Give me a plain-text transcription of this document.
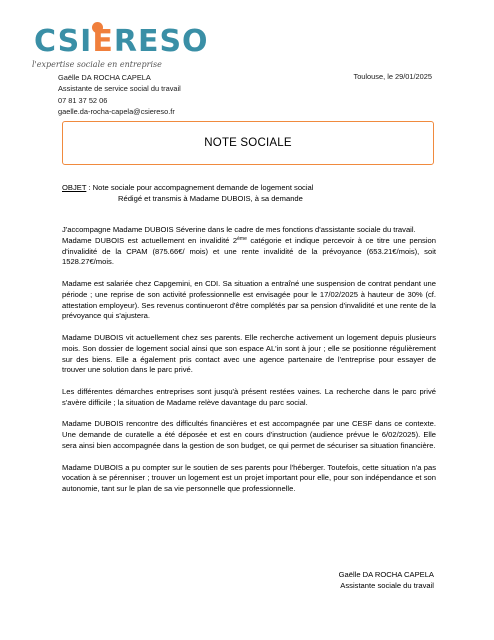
CSIERESO
l'expertise sociale en entreprise
Gaëlle DA ROCHA CAPELA
Assistante de service social du travail
07 81 37 52 06
gaelle.da-rocha-capela@csiereso.fr
Toulouse, le 29/01/2025
NOTE SOCIALE
OBJET : Note sociale pour accompagnement demande de logement social
Rédigé et transmis à Madame DUBOIS, à sa demande

J'accompagne Madame DUBOIS Séverine dans le cadre de mes fonctions d'assistante sociale du travail.
Madame DUBOIS est actuellement en invalidité 2ème catégorie et indique percevoir à ce titre une pension d'invalidité de la CPAM (875.66€/ mois) et une rente invalidité de la prévoyance (653.21€/mois), soit 1528.27€/mois.

Madame est salariée chez Capgemini, en CDI. Sa situation a entraîné une suspension de contrat pendant une période ; une reprise de son activité professionnelle est envisagée pour le 17/02/2025 à hauteur de 30% (cf. attestation employeur). Ses revenus continueront d'être complétés par sa pension d'invalidité et une rente de la prévoyance qui s'ajustera.

Madame DUBOIS vit actuellement chez ses parents. Elle recherche activement un logement depuis plusieurs mois. Son dossier de logement social ainsi que son espace AL'in sont à jour ; elle se positionne régulièrement sur des biens. Elle a également pris contact avec une agence partenaire de l'entreprise pour essayer de trouver une solution dans le parc privé.

Les différentes démarches entreprises sont jusqu'à présent restées vaines. La recherche dans le parc privé s'avère difficile ; la situation de Madame relève davantage du parc social.

Madame DUBOIS rencontre des difficultés financières et est accompagnée par une CESF dans ce contexte. Une demande de curatelle a été déposée et est en cours d'instruction (audience prévue le 6/02/2025). Elle sera ainsi bien accompagnée dans la gestion de son budget, ce qui permet de sécuriser sa situation financière.

Madame DUBOIS a pu compter sur le soutien de ses parents pour l'héberger. Toutefois, cette situation n'a pas vocation à se pérenniser ; trouver un logement est un projet important pour elle, pour son indépendance et son autonomie, tant sur le plan de sa vie personnelle que professionnelle.

Gaëlle DA ROCHA CAPELA
Assistante sociale du travail
